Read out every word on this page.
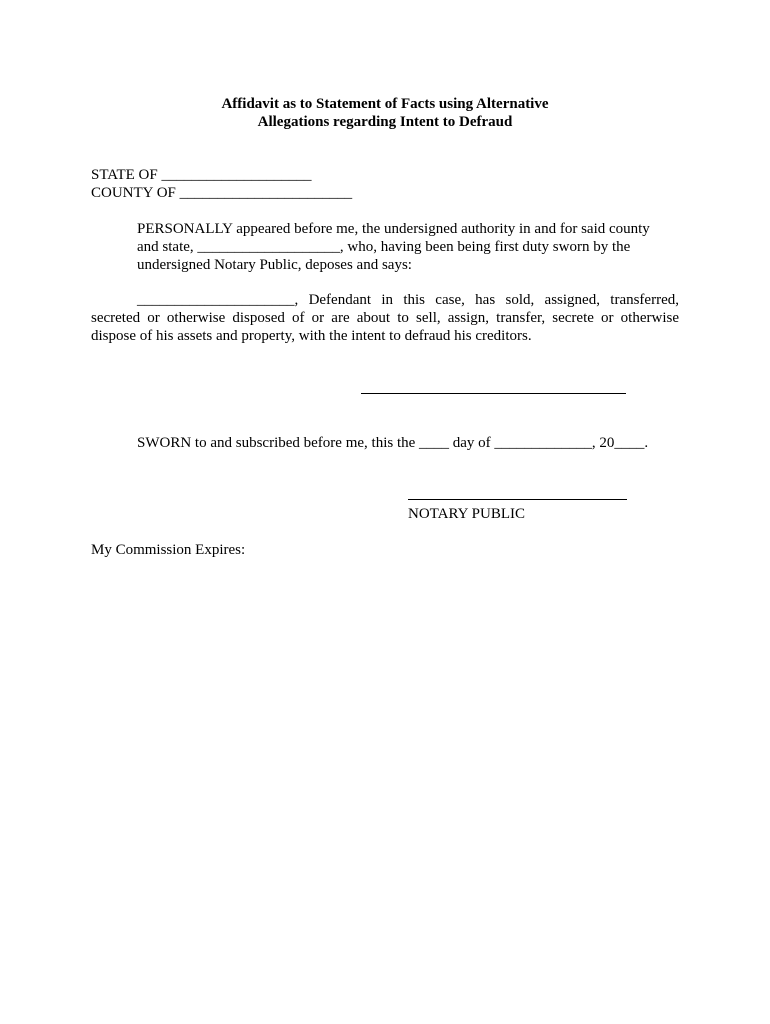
Affidavit as to Statement of Facts using Alternative
Allegations regarding Intent to Defraud
STATE OF ____________________
COUNTY OF _______________________
PERSONALLY appeared before me, the undersigned authority in and for said county
and state, ___________________, who, having been being first duty sworn by the
undersigned Notary Public, deposes and says:
_____________________, Defendant in this case, has sold, assigned, transferred,
secreted or otherwise disposed of or are about to sell, assign, transfer, secrete or otherwise
dispose of his assets and property, with the intent to defraud his creditors.
SWORN to and subscribed before me, this the ____ day of _____________, 20____.
NOTARY PUBLIC
My Commission Expires:
